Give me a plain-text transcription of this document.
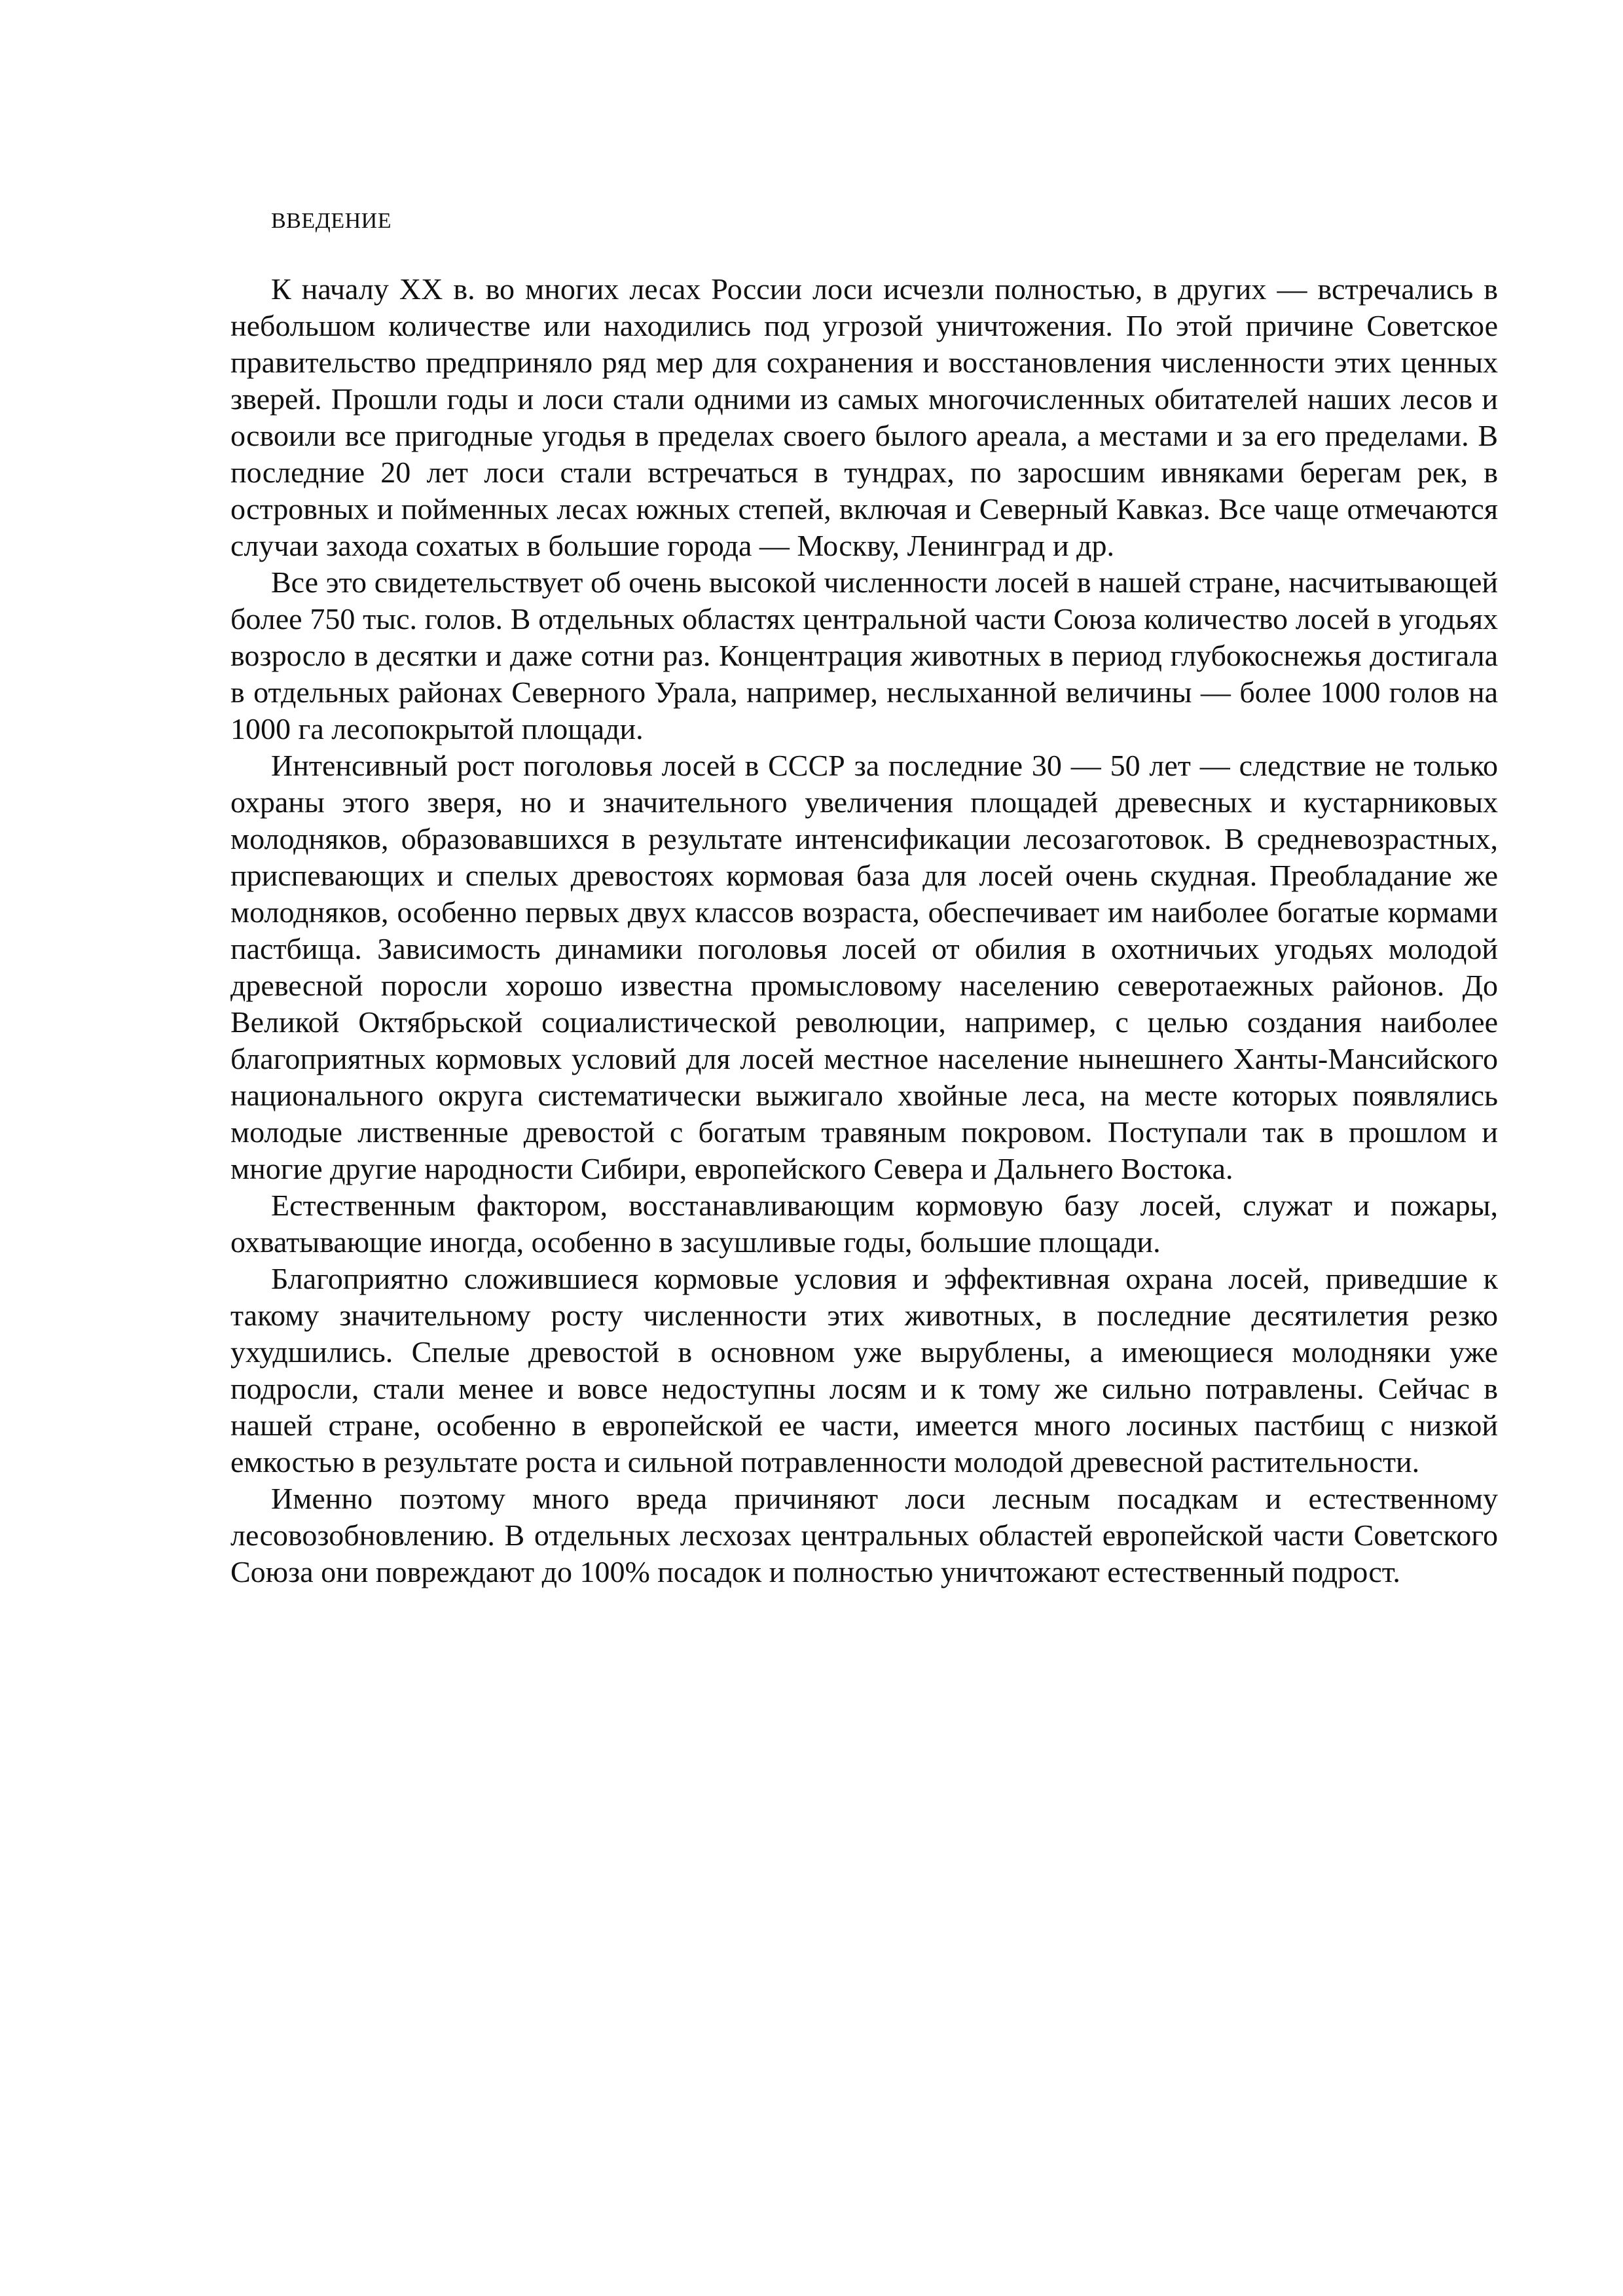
ВВЕДЕНИЕ

К началу XX в. во многих лесах России лоси исчезли полностью, в других — встречались в небольшом количестве или находились под угрозой уничтожения. По этой причине Советское правительство предприняло ряд мер для сохранения и восстановления численности этих ценных зверей. Прошли годы и лоси стали одними из самых многочисленных обитателей наших лесов и освоили все пригодные угодья в пределах своего былого ареала, а местами и за его пределами. В последние 20 лет лоси стали встречаться в тундрах, по заросшим ивняками берегам рек, в островных и пойменных лесах южных степей, включая и Северный Кавказ. Все чаще отмечаются случаи захода сохатых в большие города — Москву, Ленинград и др.

Все это свидетельствует об очень высокой численности лосей в нашей стране, насчитывающей более 750 тыс. голов. В отдельных областях центральной части Союза количество лосей в угодьях возросло в десятки и даже сотни раз. Концентрация животных в период глубокоснежья достигала в отдельных районах Северного Урала, например, неслыханной величины — более 1000 голов на 1000 га лесопокрытой площади.

Интенсивный рост поголовья лосей в СССР за последние 30 — 50 лет — следствие не только охраны этого зверя, но и значительного увеличения площадей древесных и кустарниковых молодняков, образовавшихся в результате интенсификации лесозаготовок. В средневозрастных, приспевающих и спелых древостоях кормовая база для лосей очень скудная. Преобладание же молодняков, особенно первых двух классов возраста, обеспечивает им наиболее богатые кормами пастбища. Зависимость динамики поголовья лосей от обилия в охотничьих угодьях молодой древесной поросли хорошо известна промысловому населению северотаежных районов. До Великой Октябрьской социалистической революции, например, с целью создания наиболее благоприятных кормовых условий для лосей местное население нынешнего Ханты-Мансийского национального округа систематически выжигало хвойные леса, на месте которых появлялись молодые лиственные древостой с богатым травяным покровом. Поступали так в прошлом и многие другие народности Сибири, европейского Севера и Дальнего Востока.

Естественным фактором, восстанавливающим кормовую базу лосей, служат и пожары, охватывающие иногда, особенно в засушливые годы, большие площади.

Благоприятно сложившиеся кормовые условия и эффективная охрана лосей, приведшие к такому значительному росту численности этих животных, в последние десятилетия резко ухудшились. Спелые древостой в основном уже вырублены, а имеющиеся молодняки уже подросли, стали менее и вовсе недоступны лосям и к тому же сильно потравлены. Сейчас в нашей стране, особенно в европейской ее части, имеется много лосиных пастбищ с низкой емкостью в результате роста и сильной потравленности молодой древесной растительности.

Именно поэтому много вреда причиняют лоси лесным посадкам и естественному лесовозобновлению. В отдельных лесхозах центральных областей европейской части Советского Союза они повреждают до 100% посадок и полностью уничтожают естественный подрост.
